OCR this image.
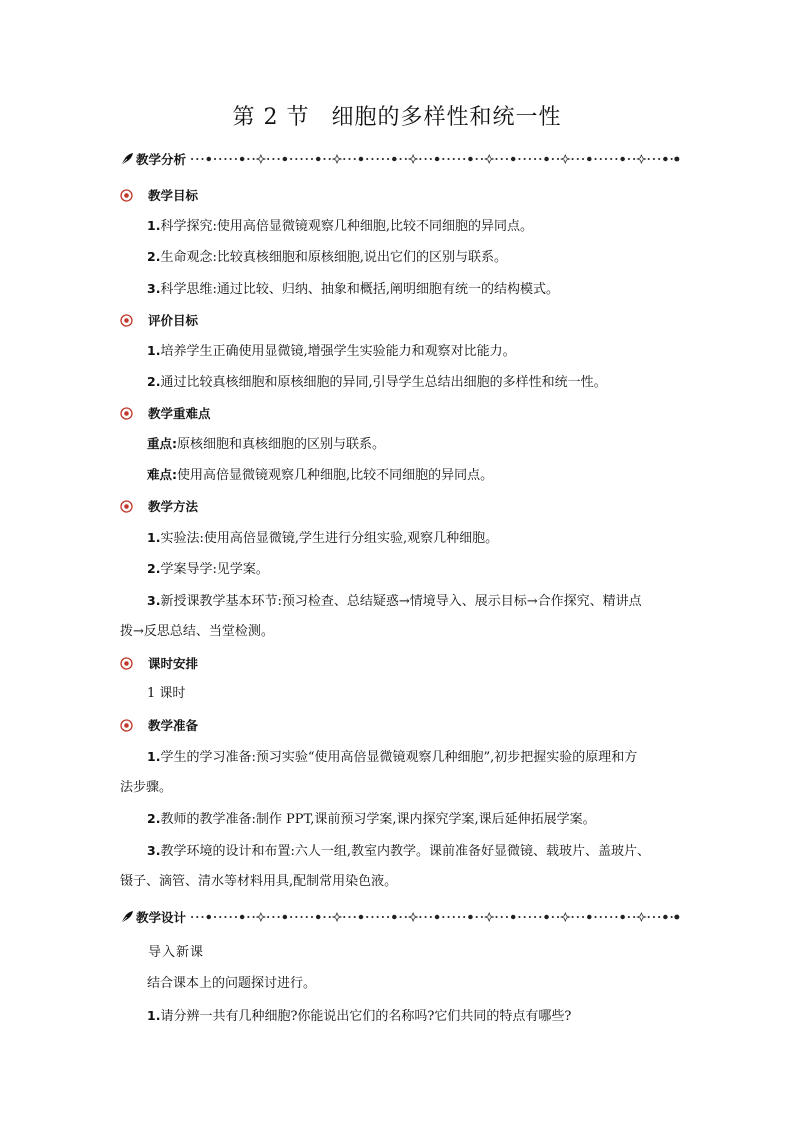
第 2 节 细胞的多样性和统一性
教学分析
教学目标
1.科学探究:使用高倍显微镜观察几种细胞,比较不同细胞的异同点。
2.生命观念:比较真核细胞和原核细胞,说出它们的区别与联系。
3.科学思维:通过比较、归纳、抽象和概括,阐明细胞有统一的结构模式。
评价目标
1.培养学生正确使用显微镜,增强学生实验能力和观察对比能力。
2.通过比较真核细胞和原核细胞的异同,引导学生总结出细胞的多样性和统一性。
教学重难点
重点:原核细胞和真核细胞的区别与联系。
难点:使用高倍显微镜观察几种细胞,比较不同细胞的异同点。
教学方法
1.实验法:使用高倍显微镜,学生进行分组实验,观察几种细胞。
2.学案导学:见学案。
3.新授课教学基本环节:预习检查、总结疑惑→情境导入、展示目标→合作探究、精讲点
拨→反思总结、当堂检测。
课时安排
1 课时
教学准备
1.学生的学习准备:预习实验“使用高倍显微镜观察几种细胞”,初步把握实验的原理和方
法步骤。
2.教师的教学准备:制作 PPT,课前预习学案,课内探究学案,课后延伸拓展学案。
3.教学环境的设计和布置:六人一组,教室内教学。课前准备好显微镜、载玻片、盖玻片、
镊子、滴管、清水等材料用具,配制常用染色液。
教学设计
导入新课
结合课本上的问题探讨进行。
1.请分辨一共有几种细胞?你能说出它们的名称吗?它们共同的特点有哪些?
